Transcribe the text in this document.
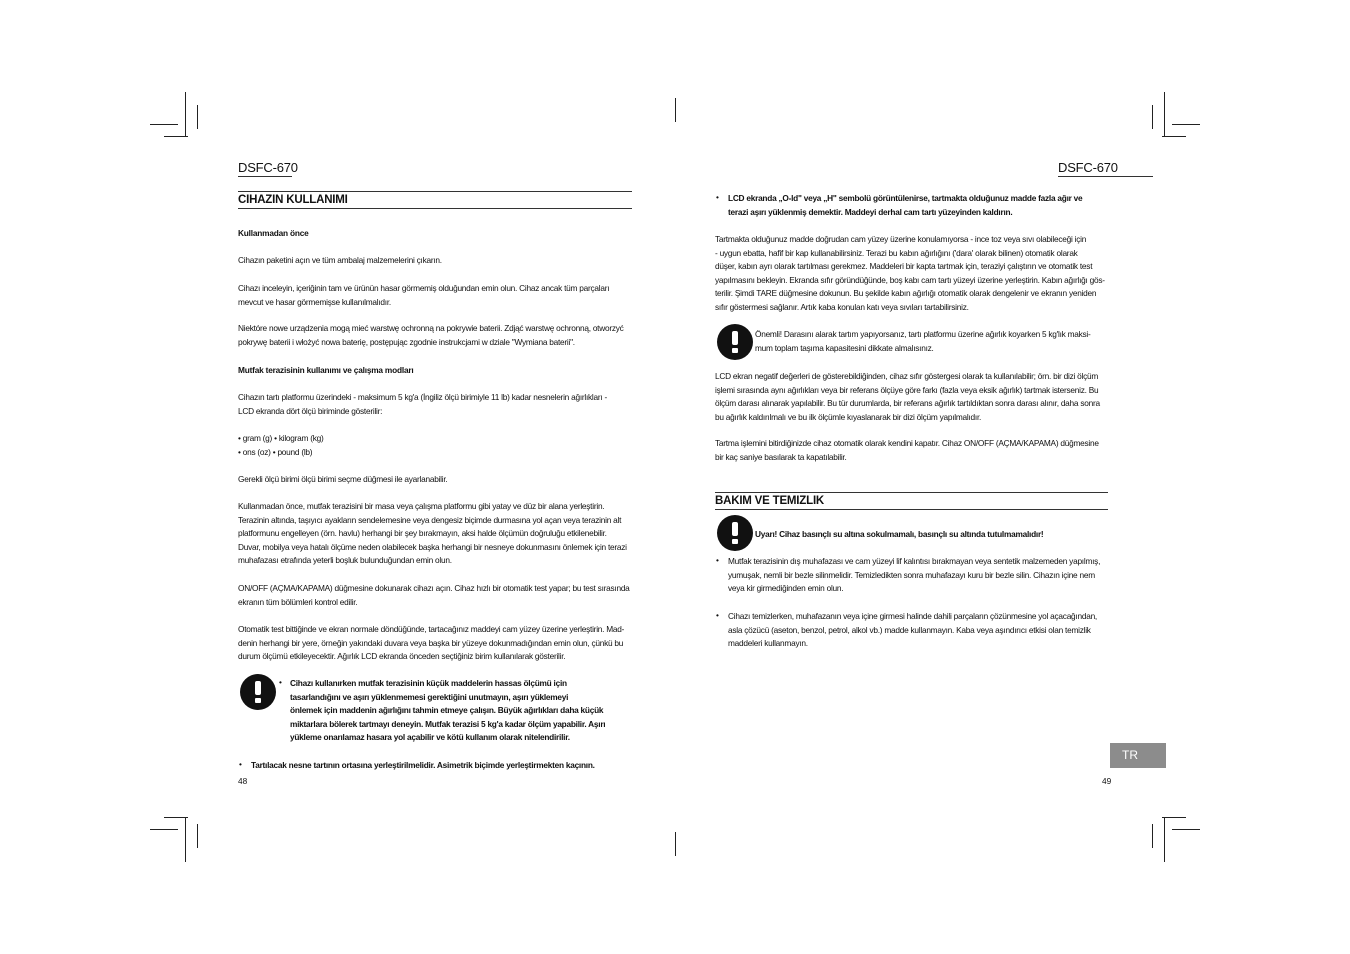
DSFC-670
CIHAZIN KULLANIMI
Kullanmadan önce
Cihazın paketini açın ve tüm ambalaj malzemelerini çıkarın.
Cihazı inceleyin, içeriğinin tam ve ürünün hasar görmemiş olduğundan emin olun. Cihaz ancak tüm parçaları
mevcut ve hasar görmemişse kullanılmalıdır.
Niektóre nowe urządzenia mogą mieć warstwę ochronną na pokrywie baterii. Zdjąć warstwę ochronną, otworzyć
pokrywę baterii i włożyć nowa baterię, postępując zgodnie instrukcjami w dziale "Wymiana baterii".
Mutfak terazisinin kullanımı ve çalışma modları
Cihazın tartı platformu üzerindeki - maksimum 5 kg'a (İngiliz ölçü birimiyle 11 lb) kadar nesnelerin ağırlıkları -
LCD ekranda dört ölçü biriminde gösterilir:
• gram (g) • kilogram (kg)
• ons (oz) • pound (lb)
Gerekli ölçü birimi ölçü birimi seçme düğmesi ile ayarlanabilir.
Kullanmadan önce, mutfak terazisini bir masa veya çalışma platformu gibi yatay ve düz bir alana yerleştirin.
Terazinin altında, taşıyıcı ayakların sendelemesine veya dengesiz biçimde durmasına yol açan veya terazinin alt
platformunu engelleyen (örn. havlu) herhangi bir şey bırakmayın, aksi halde ölçümün doğruluğu etkilenebilir.
Duvar, mobilya veya hatalı ölçüme neden olabilecek başka herhangi bir nesneye dokunmasını önlemek için terazi
muhafazası etrafında yeterli boşluk bulunduğundan emin olun.
ON/OFF (AÇMA/KAPAMA) düğmesine dokunarak cihazı açın. Cihaz hızlı bir otomatik test yapar; bu test sırasında
ekranın tüm bölümleri kontrol edilir.
Otomatik test bittiğinde ve ekran normale döndüğünde, tartacağınız maddeyi cam yüzey üzerine yerleştirin. Mad-
denin herhangi bir yere, örneğin yakındaki duvara veya başka bir yüzeye dokunmadığından emin olun, çünkü bu
durum ölçümü etkileyecektir. Ağırlık LCD ekranda önceden seçtiğiniz birim kullanılarak gösterilir.
• Cihazı kullanırken mutfak terazisinin küçük maddelerin hassas ölçümü için
tasarlandığını ve aşırı yüklenmemesi gerektiğini unutmayın, aşırı yüklemeyi
önlemek için maddenin ağırlığını tahmin etmeye çalışın. Büyük ağırlıkları daha küçük
miktarlara bölerek tartmayı deneyin. Mutfak terazisi 5 kg'a kadar ölçüm yapabilir. Aşırı
yükleme onarılamaz hasara yol açabilir ve kötü kullanım olarak nitelendirilir.
• Tartılacak nesne tartının ortasına yerleştirilmelidir. Asimetrik biçimde yerleştirmekten kaçının.
48
DSFC-670
• LCD ekranda „O-ld" veya „H" sembolü görüntülenirse, tartmakta olduğunuz madde fazla ağır ve
terazi aşırı yüklenmiş demektir. Maddeyi derhal cam tartı yüzeyinden kaldırın.
Tartmakta olduğunuz madde doğrudan cam yüzey üzerine konulamıyorsa - ince toz veya sıvı olabileceği için
- uygun ebatta, hafif bir kap kullanabilirsiniz. Terazi bu kabın ağırlığını ('dara' olarak bilinen) otomatik olarak
düşer, kabın ayrı olarak tartılması gerekmez. Maddeleri bir kapta tartmak için, teraziyi çalıştırın ve otomatik test
yapılmasını bekleyin. Ekranda sıfır göründüğünde, boş kabı cam tartı yüzeyi üzerine yerleştirin. Kabın ağırlığı gös-
terilir. Şimdi TARE düğmesine dokunun. Bu şekilde kabın ağırlığı otomatik olarak dengelenir ve ekranın yeniden
sıfır göstermesi sağlanır. Artık kaba konulan katı veya sıvıları tartabilirsiniz.
Önemli! Darasını alarak tartım yapıyorsanız, tartı platformu üzerine ağırlık koyarken 5 kg'lık maksi-
mum toplam taşıma kapasitesini dikkate almalısınız.
LCD ekran negatif değerleri de gösterebildiğinden, cihaz sıfır göstergesi olarak ta kullanılabilir; örn. bir dizi ölçüm
işlemi sırasında aynı ağırlıkları veya bir referans ölçüye göre farkı (fazla veya eksik ağırlık) tartmak isterseniz. Bu
ölçüm darası alınarak yapılabilir. Bu tür durumlarda, bir referans ağırlık tartıldıktan sonra darası alınır, daha sonra
bu ağırlık kaldırılmalı ve bu ilk ölçümle kıyaslanarak bir dizi ölçüm yapılmalıdır.
Tartma işlemini bitirdiğinizde cihaz otomatik olarak kendini kapatır. Cihaz ON/OFF (AÇMA/KAPAMA) düğmesine
bir kaç saniye basılarak ta kapatılabilir.
BAKIM VE TEMIZLIK
Uyarı! Cihaz basınçlı su altına sokulmamalı, basınçlı su altında tutulmamalıdır!
• Mutfak terazisinin dış muhafazası ve cam yüzeyi lif kalıntısı bırakmayan veya sentetik malzemeden yapılmış,
yumuşak, nemli bir bezle silinmelidir. Temizledikten sonra muhafazayı kuru bir bezle silin. Cihazın içine nem
veya kir girmediğinden emin olun.
• Cihazı temizlerken, muhafazanın veya içine girmesi halinde dahili parçaların çözünmesine yol açacağından,
asla çözücü (aseton, benzol, petrol, alkol vb.) madde kullanmayın. Kaba veya aşındırıcı etkisi olan temizlik
maddeleri kullanmayın.
TR
49
